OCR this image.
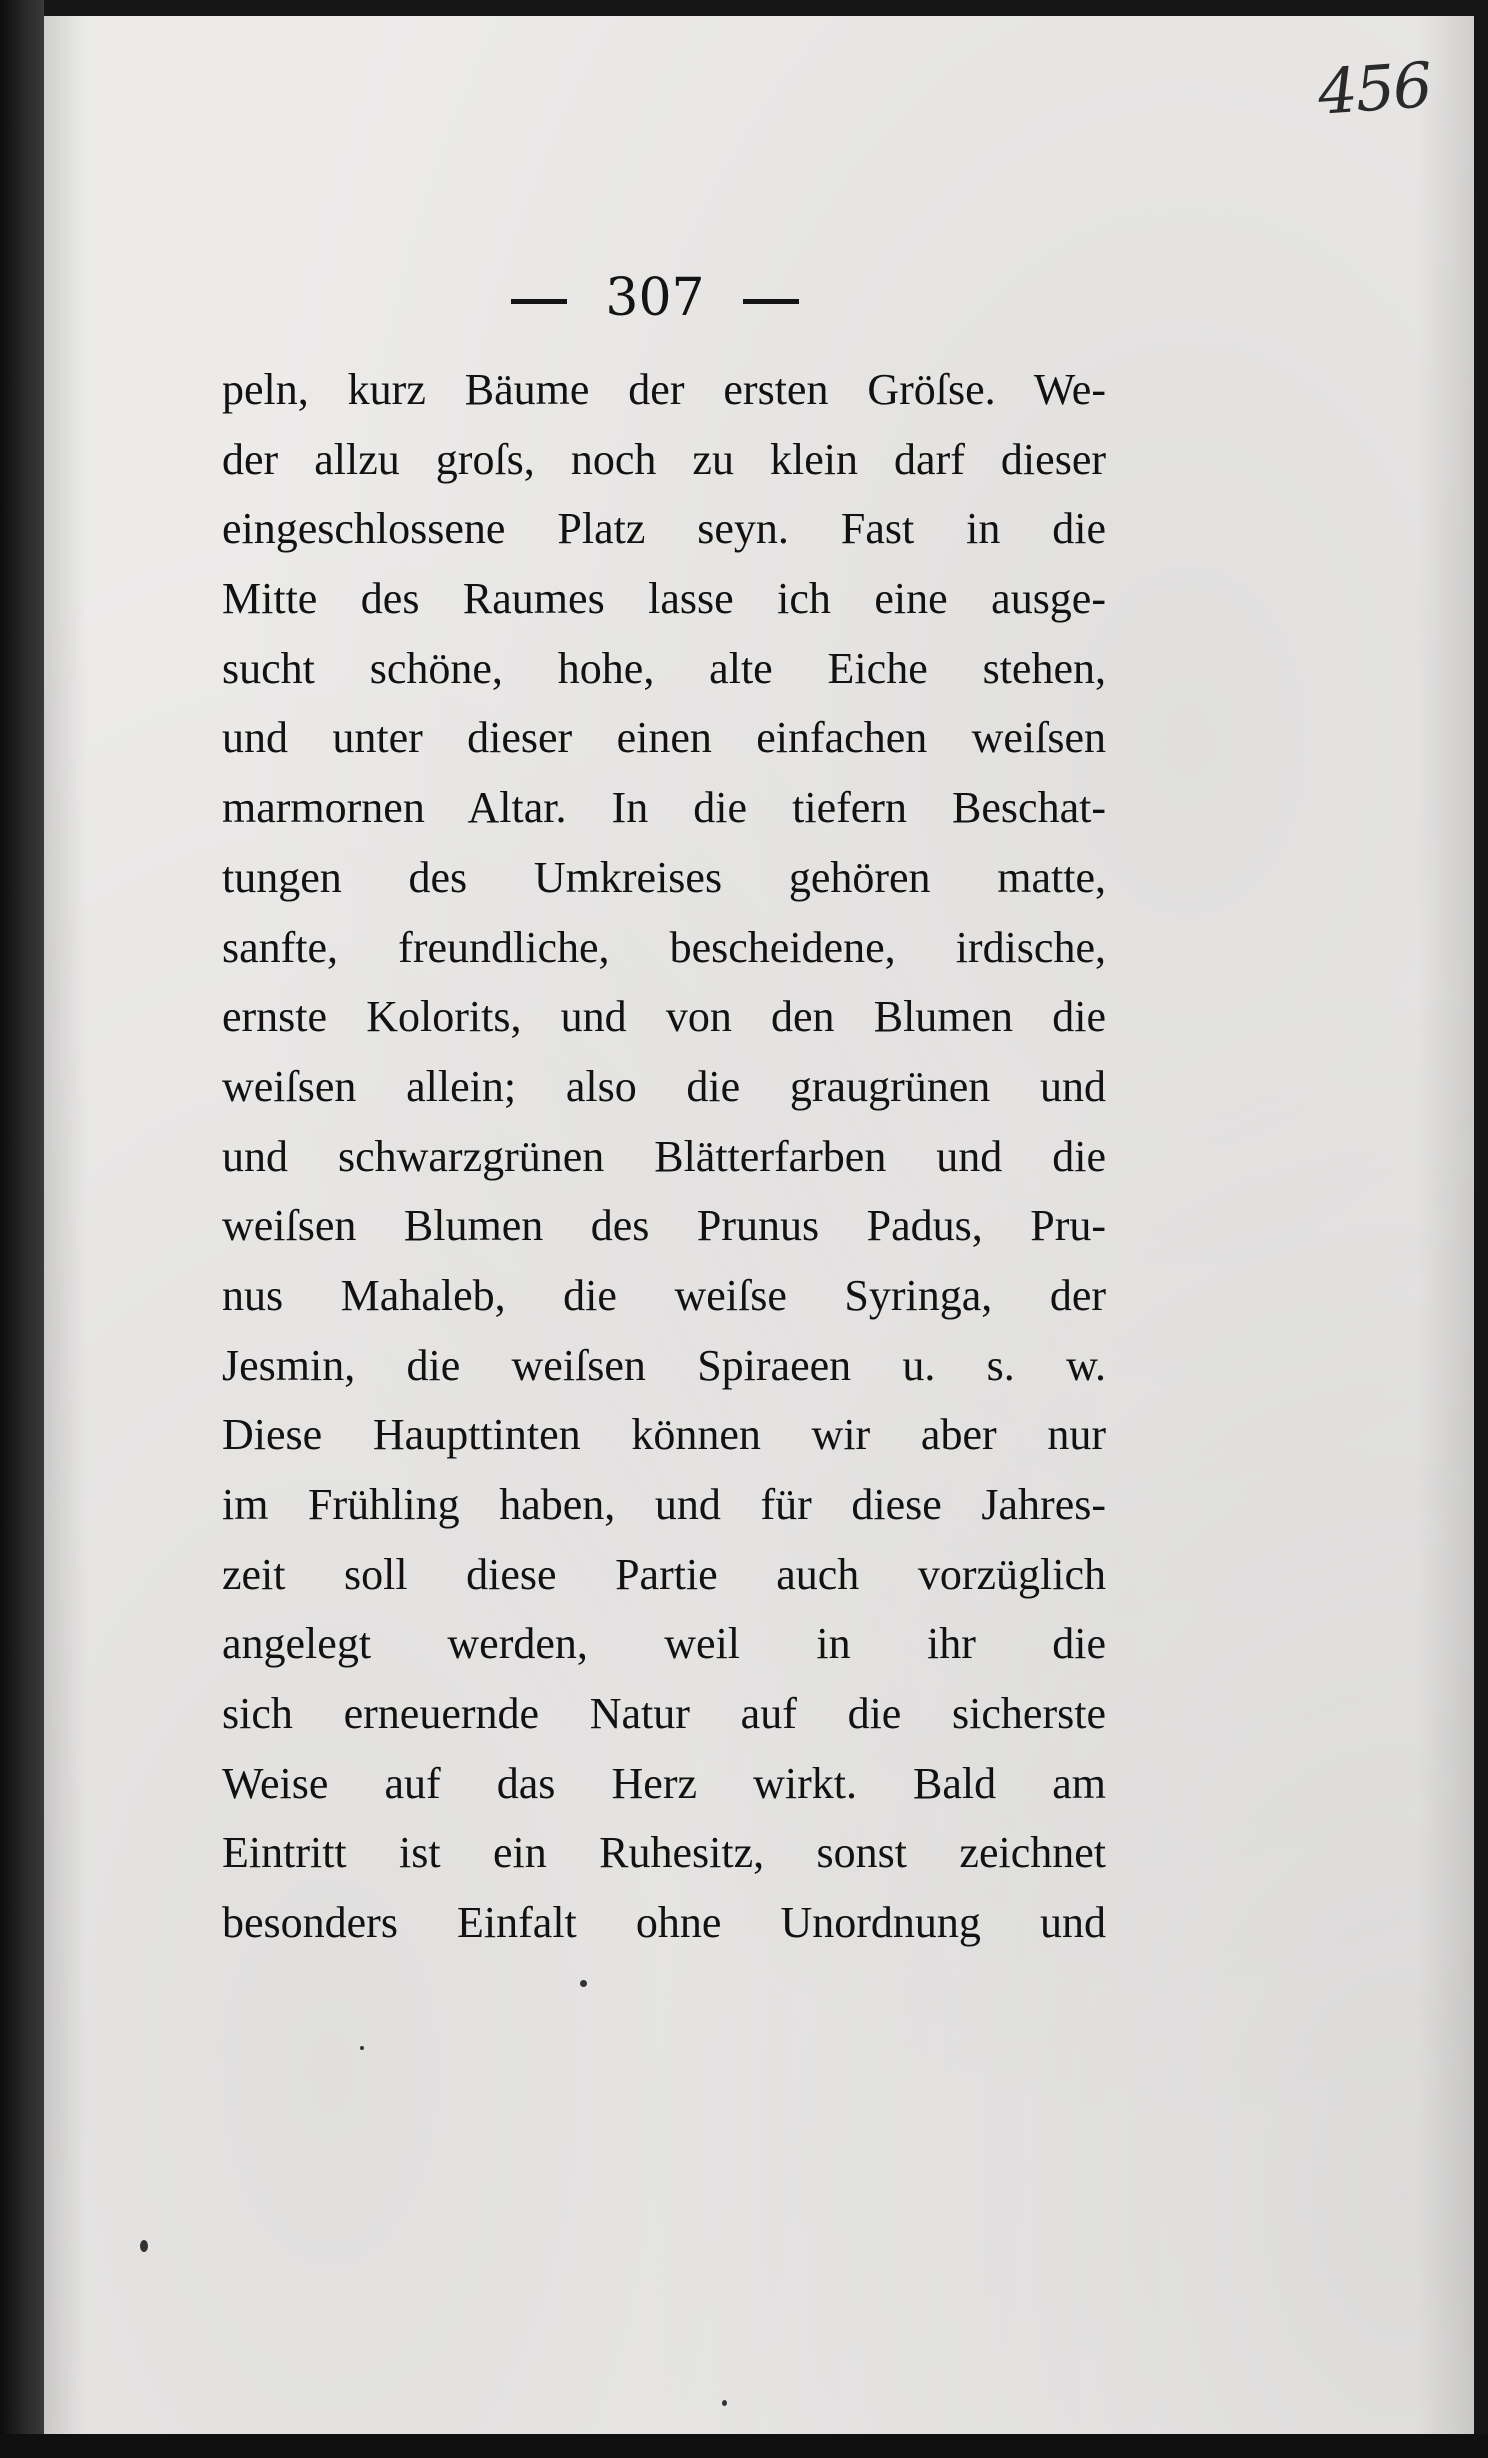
456
307
peln, kurz Bäume der ersten Gröſse. We-
der allzu groſs, noch zu klein darf dieser
eingeschlossene Platz seyn. Fast in die
Mitte des Raumes lasse ich eine ausge-
sucht schöne, hohe, alte Eiche stehen,
und unter dieser einen einfachen weiſsen
marmornen Altar. In die tiefern Beschat-
tungen des Umkreises gehören matte,
sanfte, freundliche, bescheidene, irdische,
ernste Kolorits, und von den Blumen die
weiſsen allein; also die graugrünen und
und schwarzgrünen Blätterfarben und die
weiſsen Blumen des Prunus Padus, Pru-
nus Mahaleb, die weiſse Syringa, der
Jesmin, die weiſsen Spiraeen u. s. w.
Diese Haupttinten können wir aber nur
im Frühling haben, und für diese Jahres-
zeit soll diese Partie auch vorzüglich
angelegt werden, weil in ihr die
sich erneuernde Natur auf die sicherste
Weise auf das Herz wirkt. Bald am
Eintritt ist ein Ruhesitz, sonst zeichnet
besonders Einfalt ohne Unordnung und
